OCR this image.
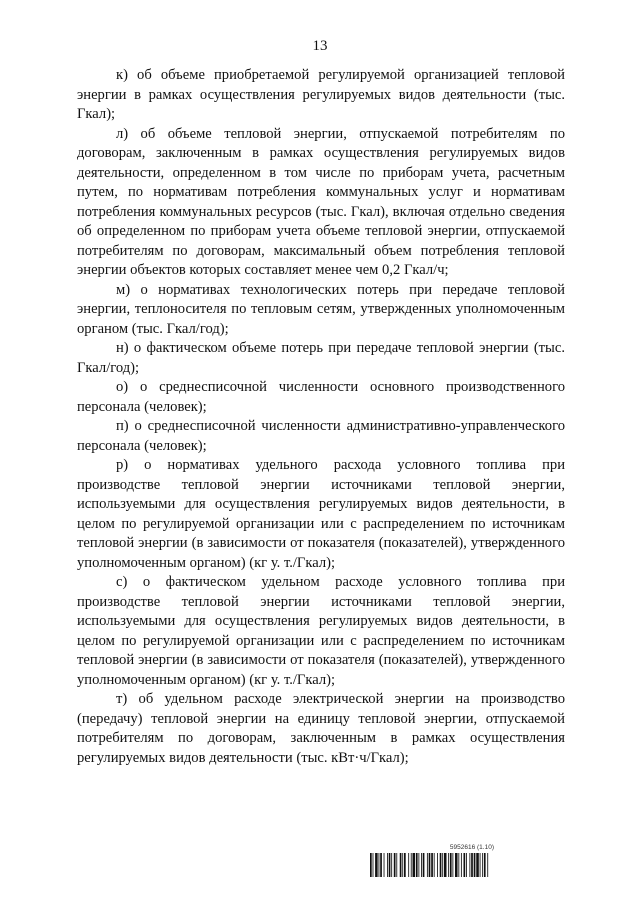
13

к) об объеме приобретаемой регулируемой организацией тепловой энергии в рамках осуществления регулируемых видов деятельности (тыс. Гкал);

л) об объеме тепловой энергии, отпускаемой потребителям по договорам, заключенным в рамках осуществления регулируемых видов деятельности, определенном в том числе по приборам учета, расчетным путем, по нормативам потребления коммунальных услуг и нормативам потребления коммунальных ресурсов (тыс. Гкал), включая отдельно сведения об определенном по приборам учета объеме тепловой энергии, отпускаемой потребителям по договорам, максимальный объем потребления тепловой энергии объектов которых составляет менее чем 0,2 Гкал/ч;

м) о нормативах технологических потерь при передаче тепловой энергии, теплоносителя по тепловым сетям, утвержденных уполномоченным органом (тыс. Гкал/год);

н) о фактическом объеме потерь при передаче тепловой энергии (тыс. Гкал/год);

о) о среднесписочной численности основного производственного персонала (человек);

п) о среднесписочной численности административно-управленческого персонала (человек);

р) о нормативах удельного расхода условного топлива при производстве тепловой энергии источниками тепловой энергии, используемыми для осуществления регулируемых видов деятельности, в целом по регулируемой организации или с распределением по источникам тепловой энергии (в зависимости от показателя (показателей), утвержденного уполномоченным органом) (кг у. т./Гкал);

с) о фактическом удельном расходе условного топлива при производстве тепловой энергии источниками тепловой энергии, используемыми для осуществления регулируемых видов деятельности, в целом по регулируемой организации или с распределением по источникам тепловой энергии (в зависимости от показателя (показателей), утвержденного уполномоченным органом) (кг у. т./Гкал);

т) об удельном расходе электрической энергии на производство (передачу) тепловой энергии на единицу тепловой энергии, отпускаемой потребителям по договорам, заключенным в рамках осуществления регулируемых видов деятельности (тыс. кВт·ч/Гкал);

5952616 (1.10)
